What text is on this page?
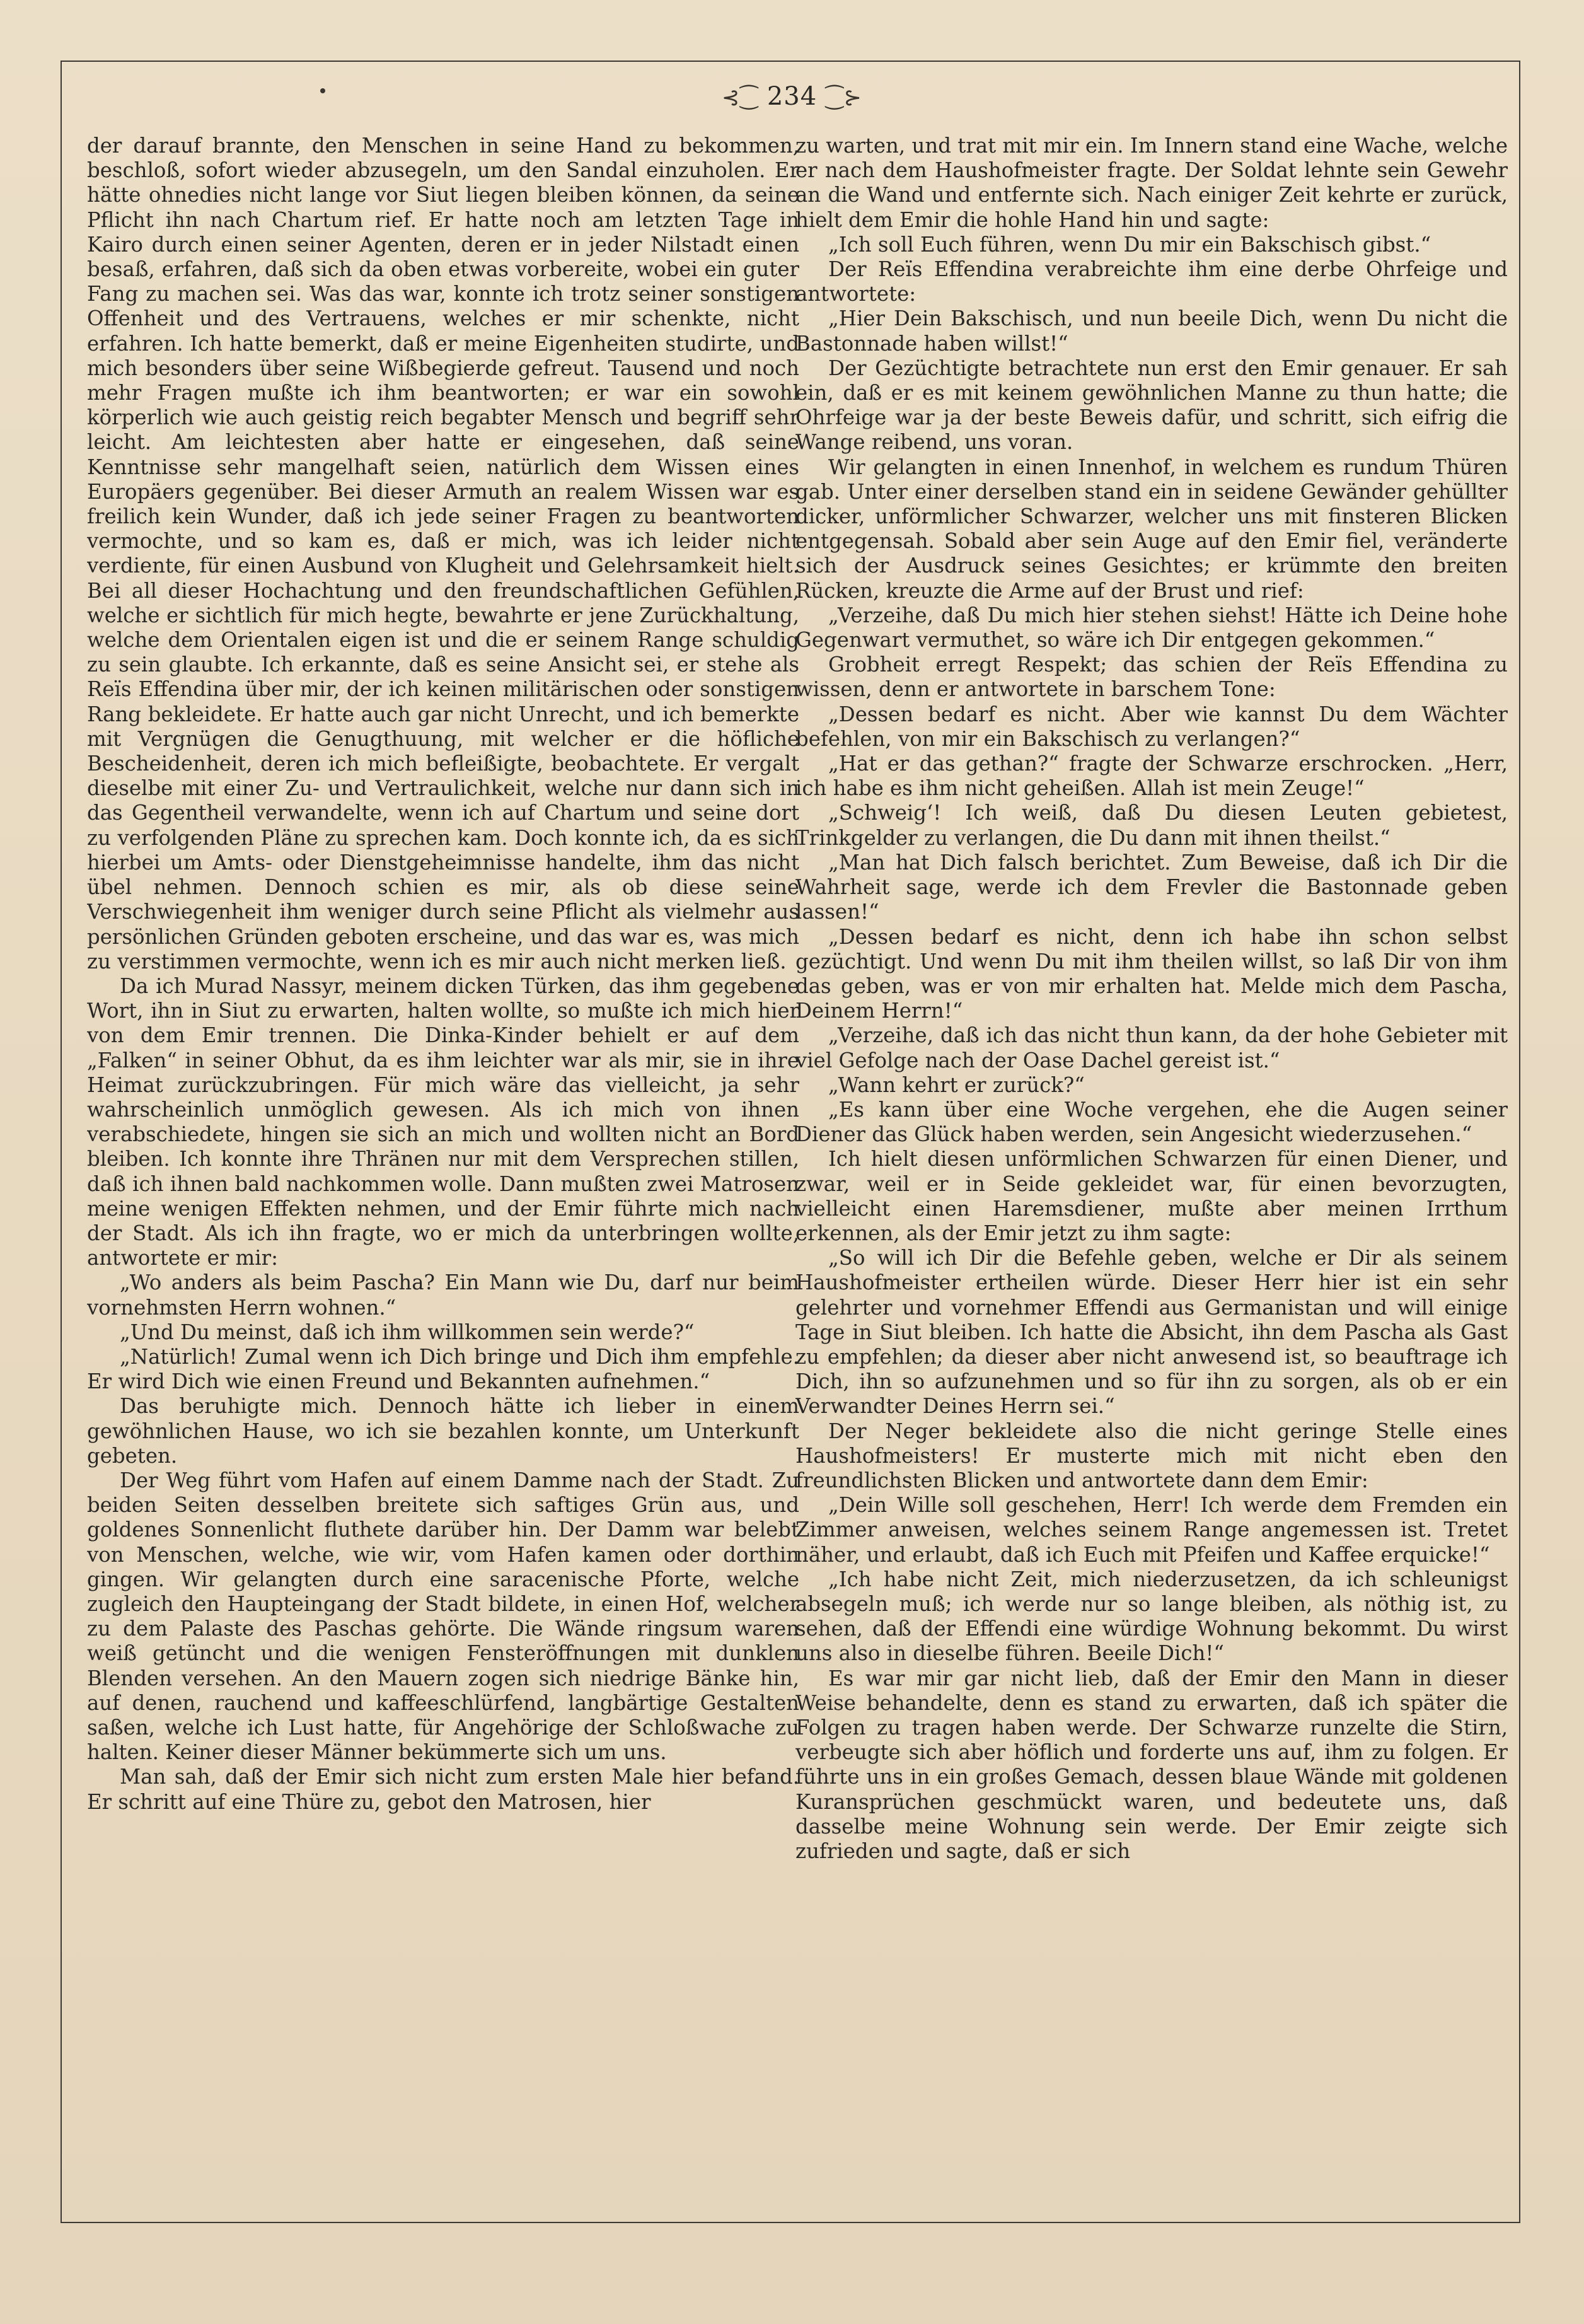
⊰⁐ 234 ⁐⊱

der darauf brannte, den Menschen in seine Hand zu bekommen, beschloß, sofort wieder abzusegeln, um den Sandal einzuholen. Er hätte ohnedies nicht lange vor Siut liegen bleiben können, da seine Pflicht ihn nach Chartum rief. Er hatte noch am letzten Tage in Kairo durch einen seiner Agenten, deren er in jeder Nilstadt einen besaß, erfahren, daß sich da oben etwas vorbereite, wobei ein guter Fang zu machen sei. Was das war, konnte ich trotz seiner sonstigen Offenheit und des Vertrauens, welches er mir schenkte, nicht erfahren. Ich hatte bemerkt, daß er meine Eigenheiten studirte, und mich besonders über seine Wißbegierde gefreut. Tausend und noch mehr Fragen mußte ich ihm beantworten; er war ein sowohl körperlich wie auch geistig reich begabter Mensch und begriff sehr leicht. Am leichtesten aber hatte er eingesehen, daß seine Kenntnisse sehr mangelhaft seien, natürlich dem Wissen eines Europäers gegenüber. Bei dieser Armuth an realem Wissen war es freilich kein Wunder, daß ich jede seiner Fragen zu beantworten vermochte, und so kam es, daß er mich, was ich leider nicht verdiente, für einen Ausbund von Klugheit und Gelehrsamkeit hielt. Bei all dieser Hochachtung und den freundschaftlichen Gefühlen, welche er sichtlich für mich hegte, bewahrte er jene Zurückhaltung, welche dem Orientalen eigen ist und die er seinem Range schuldig zu sein glaubte. Ich erkannte, daß es seine Ansicht sei, er stehe als Reïs Effendina über mir, der ich keinen militärischen oder sonstigen Rang bekleidete. Er hatte auch gar nicht Unrecht, und ich bemerkte mit Vergnügen die Genugthuung, mit welcher er die höfliche Bescheidenheit, deren ich mich befleißigte, beobachtete. Er vergalt dieselbe mit einer Zu- und Vertraulichkeit, welche nur dann sich in das Gegentheil verwandelte, wenn ich auf Chartum und seine dort zu verfolgenden Pläne zu sprechen kam. Doch konnte ich, da es sich hierbei um Amts- oder Dienstgeheimnisse handelte, ihm das nicht übel nehmen. Dennoch schien es mir, als ob diese seine Verschwiegenheit ihm weniger durch seine Pflicht als vielmehr aus persönlichen Gründen geboten erscheine, und das war es, was mich zu verstimmen vermochte, wenn ich es mir auch nicht merken ließ.

Da ich Murad Nassyr, meinem dicken Türken, das ihm gegebene Wort, ihn in Siut zu erwarten, halten wollte, so mußte ich mich hier von dem Emir trennen. Die Dinka-Kinder behielt er auf dem „Falken“ in seiner Obhut, da es ihm leichter war als mir, sie in ihre Heimat zurückzubringen. Für mich wäre das vielleicht, ja sehr wahrscheinlich unmöglich gewesen. Als ich mich von ihnen verabschiedete, hingen sie sich an mich und wollten nicht an Bord bleiben. Ich konnte ihre Thränen nur mit dem Versprechen stillen, daß ich ihnen bald nachkommen wolle. Dann mußten zwei Matrosen meine wenigen Effekten nehmen, und der Emir führte mich nach der Stadt. Als ich ihn fragte, wo er mich da unterbringen wollte, antwortete er mir:

„Wo anders als beim Pascha? Ein Mann wie Du, darf nur beim vornehmsten Herrn wohnen.“

„Und Du meinst, daß ich ihm willkommen sein werde?“

„Natürlich! Zumal wenn ich Dich bringe und Dich ihm empfehle. Er wird Dich wie einen Freund und Bekannten aufnehmen.“

Das beruhigte mich. Dennoch hätte ich lieber in einem gewöhnlichen Hause, wo ich sie bezahlen konnte, um Unterkunft gebeten.

Der Weg führt vom Hafen auf einem Damme nach der Stadt. Zu beiden Seiten desselben breitete sich saftiges Grün aus, und goldenes Sonnenlicht fluthete darüber hin. Der Damm war belebt von Menschen, welche, wie wir, vom Hafen kamen oder dorthin gingen. Wir gelangten durch eine saracenische Pforte, welche zugleich den Haupteingang der Stadt bildete, in einen Hof, welcher zu dem Palaste des Paschas gehörte. Die Wände ringsum waren weiß getüncht und die wenigen Fensteröffnungen mit dunklen Blenden versehen. An den Mauern zogen sich niedrige Bänke hin, auf denen, rauchend und kaffeeschlürfend, langbärtige Gestalten saßen, welche ich Lust hatte, für Angehörige der Schloßwache zu halten. Keiner dieser Männer bekümmerte sich um uns.

Man sah, daß der Emir sich nicht zum ersten Male hier befand. Er schritt auf eine Thüre zu, gebot den Matrosen, hier

zu warten, und trat mit mir ein. Im Innern stand eine Wache, welche er nach dem Haushofmeister fragte. Der Soldat lehnte sein Gewehr an die Wand und entfernte sich. Nach einiger Zeit kehrte er zurück, hielt dem Emir die hohle Hand hin und sagte:

„Ich soll Euch führen, wenn Du mir ein Bakschisch gibst.“

Der Reïs Effendina verabreichte ihm eine derbe Ohrfeige und antwortete:

„Hier Dein Bakschisch, und nun beeile Dich, wenn Du nicht die Bastonnade haben willst!“

Der Gezüchtigte betrachtete nun erst den Emir genauer. Er sah ein, daß er es mit keinem gewöhnlichen Manne zu thun hatte; die Ohrfeige war ja der beste Beweis dafür, und schritt, sich eifrig die Wange reibend, uns voran.

Wir gelangten in einen Innenhof, in welchem es rundum Thüren gab. Unter einer derselben stand ein in seidene Gewänder gehüllter dicker, unförmlicher Schwarzer, welcher uns mit finsteren Blicken entgegensah. Sobald aber sein Auge auf den Emir fiel, veränderte sich der Ausdruck seines Gesichtes; er krümmte den breiten Rücken, kreuzte die Arme auf der Brust und rief:

„Verzeihe, daß Du mich hier stehen siehst! Hätte ich Deine hohe Gegenwart vermuthet, so wäre ich Dir entgegen gekommen.“

Grobheit erregt Respekt; das schien der Reïs Effendina zu wissen, denn er antwortete in barschem Tone:

„Dessen bedarf es nicht. Aber wie kannst Du dem Wächter befehlen, von mir ein Bakschisch zu verlangen?“

„Hat er das gethan?“ fragte der Schwarze erschrocken. „Herr, ich habe es ihm nicht geheißen. Allah ist mein Zeuge!“

„Schweig‘! Ich weiß, daß Du diesen Leuten gebietest, Trinkgelder zu verlangen, die Du dann mit ihnen theilst.“

„Man hat Dich falsch berichtet. Zum Beweise, daß ich Dir die Wahrheit sage, werde ich dem Frevler die Bastonnade geben lassen!“

„Dessen bedarf es nicht, denn ich habe ihn schon selbst gezüchtigt. Und wenn Du mit ihm theilen willst, so laß Dir von ihm das geben, was er von mir erhalten hat. Melde mich dem Pascha, Deinem Herrn!“

„Verzeihe, daß ich das nicht thun kann, da der hohe Gebieter mit viel Gefolge nach der Oase Dachel gereist ist.“

„Wann kehrt er zurück?“

„Es kann über eine Woche vergehen, ehe die Augen seiner Diener das Glück haben werden, sein Angesicht wiederzusehen.“

Ich hielt diesen unförmlichen Schwarzen für einen Diener, und zwar, weil er in Seide gekleidet war, für einen bevorzugten, vielleicht einen Haremsdiener, mußte aber meinen Irrthum erkennen, als der Emir jetzt zu ihm sagte:

„So will ich Dir die Befehle geben, welche er Dir als seinem Haushofmeister ertheilen würde. Dieser Herr hier ist ein sehr gelehrter und vornehmer Effendi aus Germanistan und will einige Tage in Siut bleiben. Ich hatte die Absicht, ihn dem Pascha als Gast zu empfehlen; da dieser aber nicht anwesend ist, so beauftrage ich Dich, ihn so aufzunehmen und so für ihn zu sorgen, als ob er ein Verwandter Deines Herrn sei.“

Der Neger bekleidete also die nicht geringe Stelle eines Haushofmeisters! Er musterte mich mit nicht eben den freundlichsten Blicken und antwortete dann dem Emir:

„Dein Wille soll geschehen, Herr! Ich werde dem Fremden ein Zimmer anweisen, welches seinem Range angemessen ist. Tretet näher, und erlaubt, daß ich Euch mit Pfeifen und Kaffee erquicke!“

„Ich habe nicht Zeit, mich niederzusetzen, da ich schleunigst absegeln muß; ich werde nur so lange bleiben, als nöthig ist, zu sehen, daß der Effendi eine würdige Wohnung bekommt. Du wirst uns also in dieselbe führen. Beeile Dich!“

Es war mir gar nicht lieb, daß der Emir den Mann in dieser Weise behandelte, denn es stand zu erwarten, daß ich später die Folgen zu tragen haben werde. Der Schwarze runzelte die Stirn, verbeugte sich aber höflich und forderte uns auf, ihm zu folgen. Er führte uns in ein großes Gemach, dessen blaue Wände mit goldenen Kuransprüchen geschmückt waren, und bedeutete uns, daß dasselbe meine Wohnung sein werde. Der Emir zeigte sich zufrieden und sagte, daß er sich
